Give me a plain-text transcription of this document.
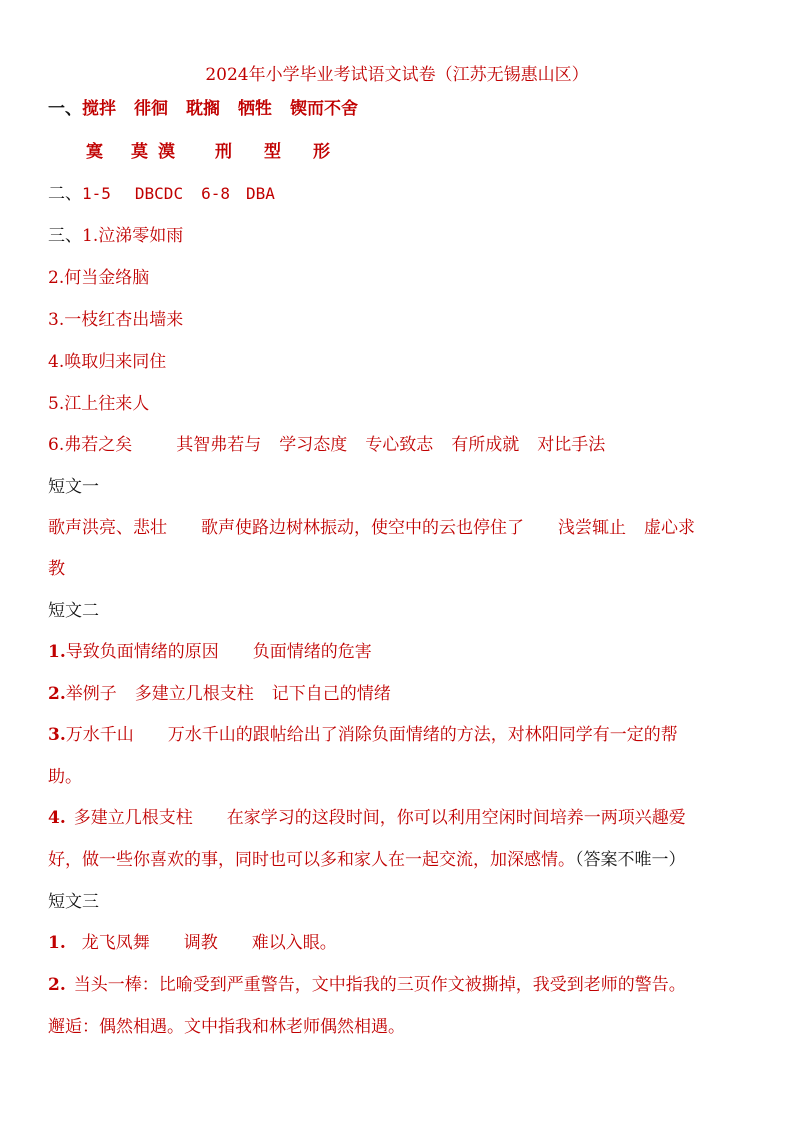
2024年小学毕业考试语文试卷（江苏无锡惠山区）
一、搅拌 徘徊 耽搁 牺牲 锲而不舍
寞 莫 漠 刑 型 形
二、1-5 DBCDC 6-8 DBA
三、1.泣涕零如雨
2.何当金络脑
3.一枝红杏出墙来
4.唤取归来同住
5.江上往来人
6.弗若之矣	其智弗若与 学习态度 专心致志 有所成就 对比手法
短文一
歌声洪亮、悲壮 歌声使路边树林振动，使空中的云也停住了 浅尝辄止 虚心求
教
短文二
1.导致负面情绪的原因 负面情绪的危害
2.举例子 多建立几根支柱 记下自己的情绪
3.万水千山 万水千山的跟帖给出了消除负面情绪的方法，对林阳同学有一定的帮
助。
4. 多建立几根支柱 在家学习的这段时间，你可以利用空闲时间培养一两项兴趣爱
好，做一些你喜欢的事，同时也可以多和家人在一起交流，加深感情。（答案不唯一）
短文三
1. 龙飞凤舞 调教 难以入眼。
2. 当头一棒：比喻受到严重警告，文中指我的三页作文被撕掉，我受到老师的警告。
邂逅：偶然相遇。文中指我和林老师偶然相遇。
